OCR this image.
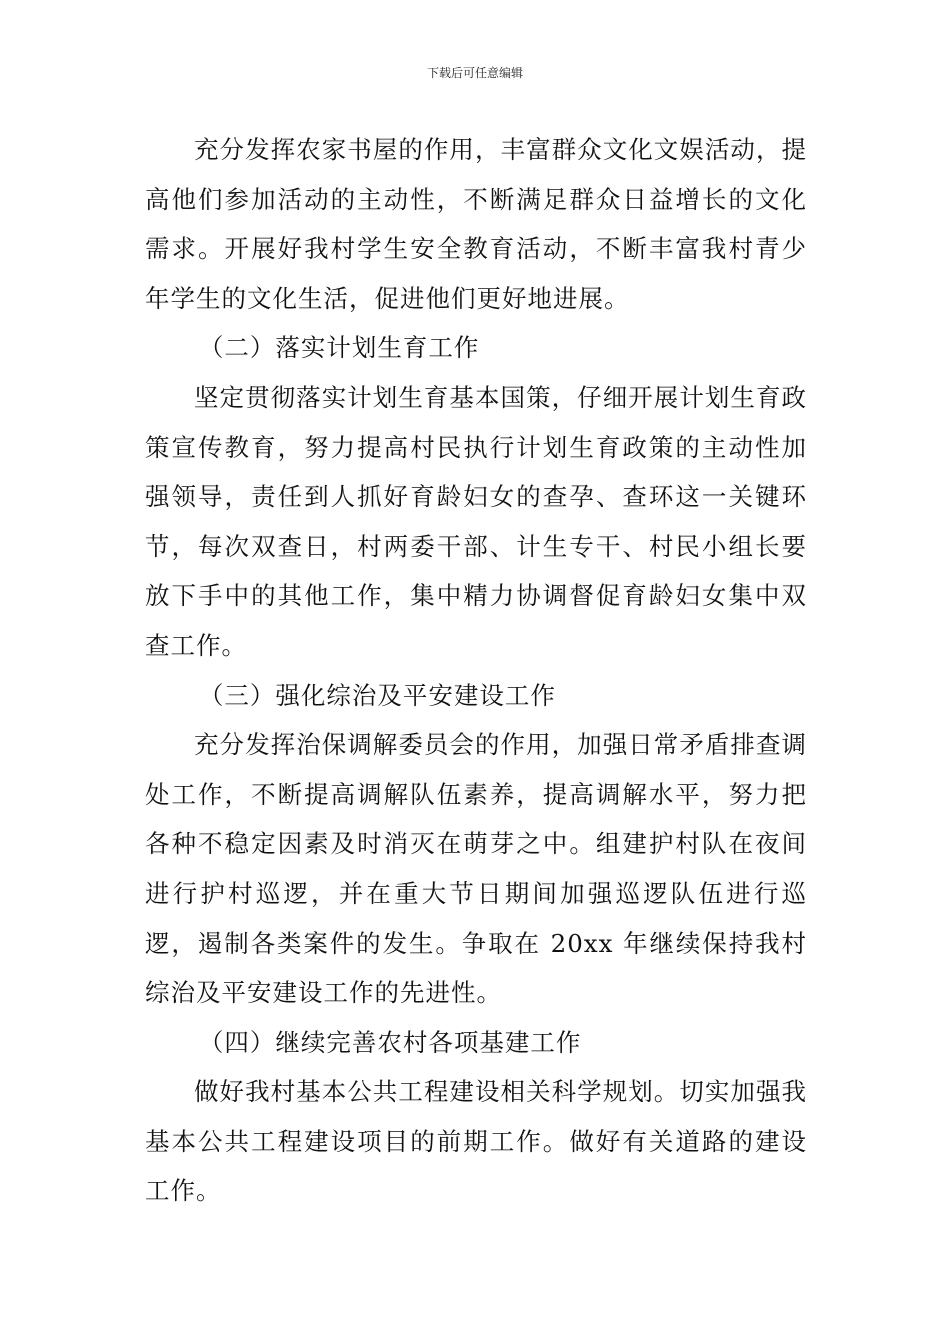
下载后可任意编辑

充分发挥农家书屋的作用，丰富群众文化文娱活动，提高他们参加活动的主动性，不断满足群众日益增长的文化需求。开展好我村学生安全教育活动，不断丰富我村青少年学生的文化生活，促进他们更好地进展。

（二）落实计划生育工作

坚定贯彻落实计划生育基本国策，仔细开展计划生育政策宣传教育，努力提高村民执行计划生育政策的主动性加强领导，责任到人抓好育龄妇女的查孕、查环这一关键环节，每次双查日，村两委干部、计生专干、村民小组长要放下手中的其他工作，集中精力协调督促育龄妇女集中双查工作。

（三）强化综治及平安建设工作

充分发挥治保调解委员会的作用，加强日常矛盾排查调处工作，不断提高调解队伍素养，提高调解水平，努力把各种不稳定因素及时消灭在萌芽之中。组建护村队在夜间进行护村巡逻，并在重大节日期间加强巡逻队伍进行巡逻，遏制各类案件的发生。争取在 20xx 年继续保持我村综治及平安建设工作的先进性。

（四）继续完善农村各项基建工作

做好我村基本公共工程建设相关科学规划。切实加强我基本公共工程建设项目的前期工作。做好有关道路的建设工作。
